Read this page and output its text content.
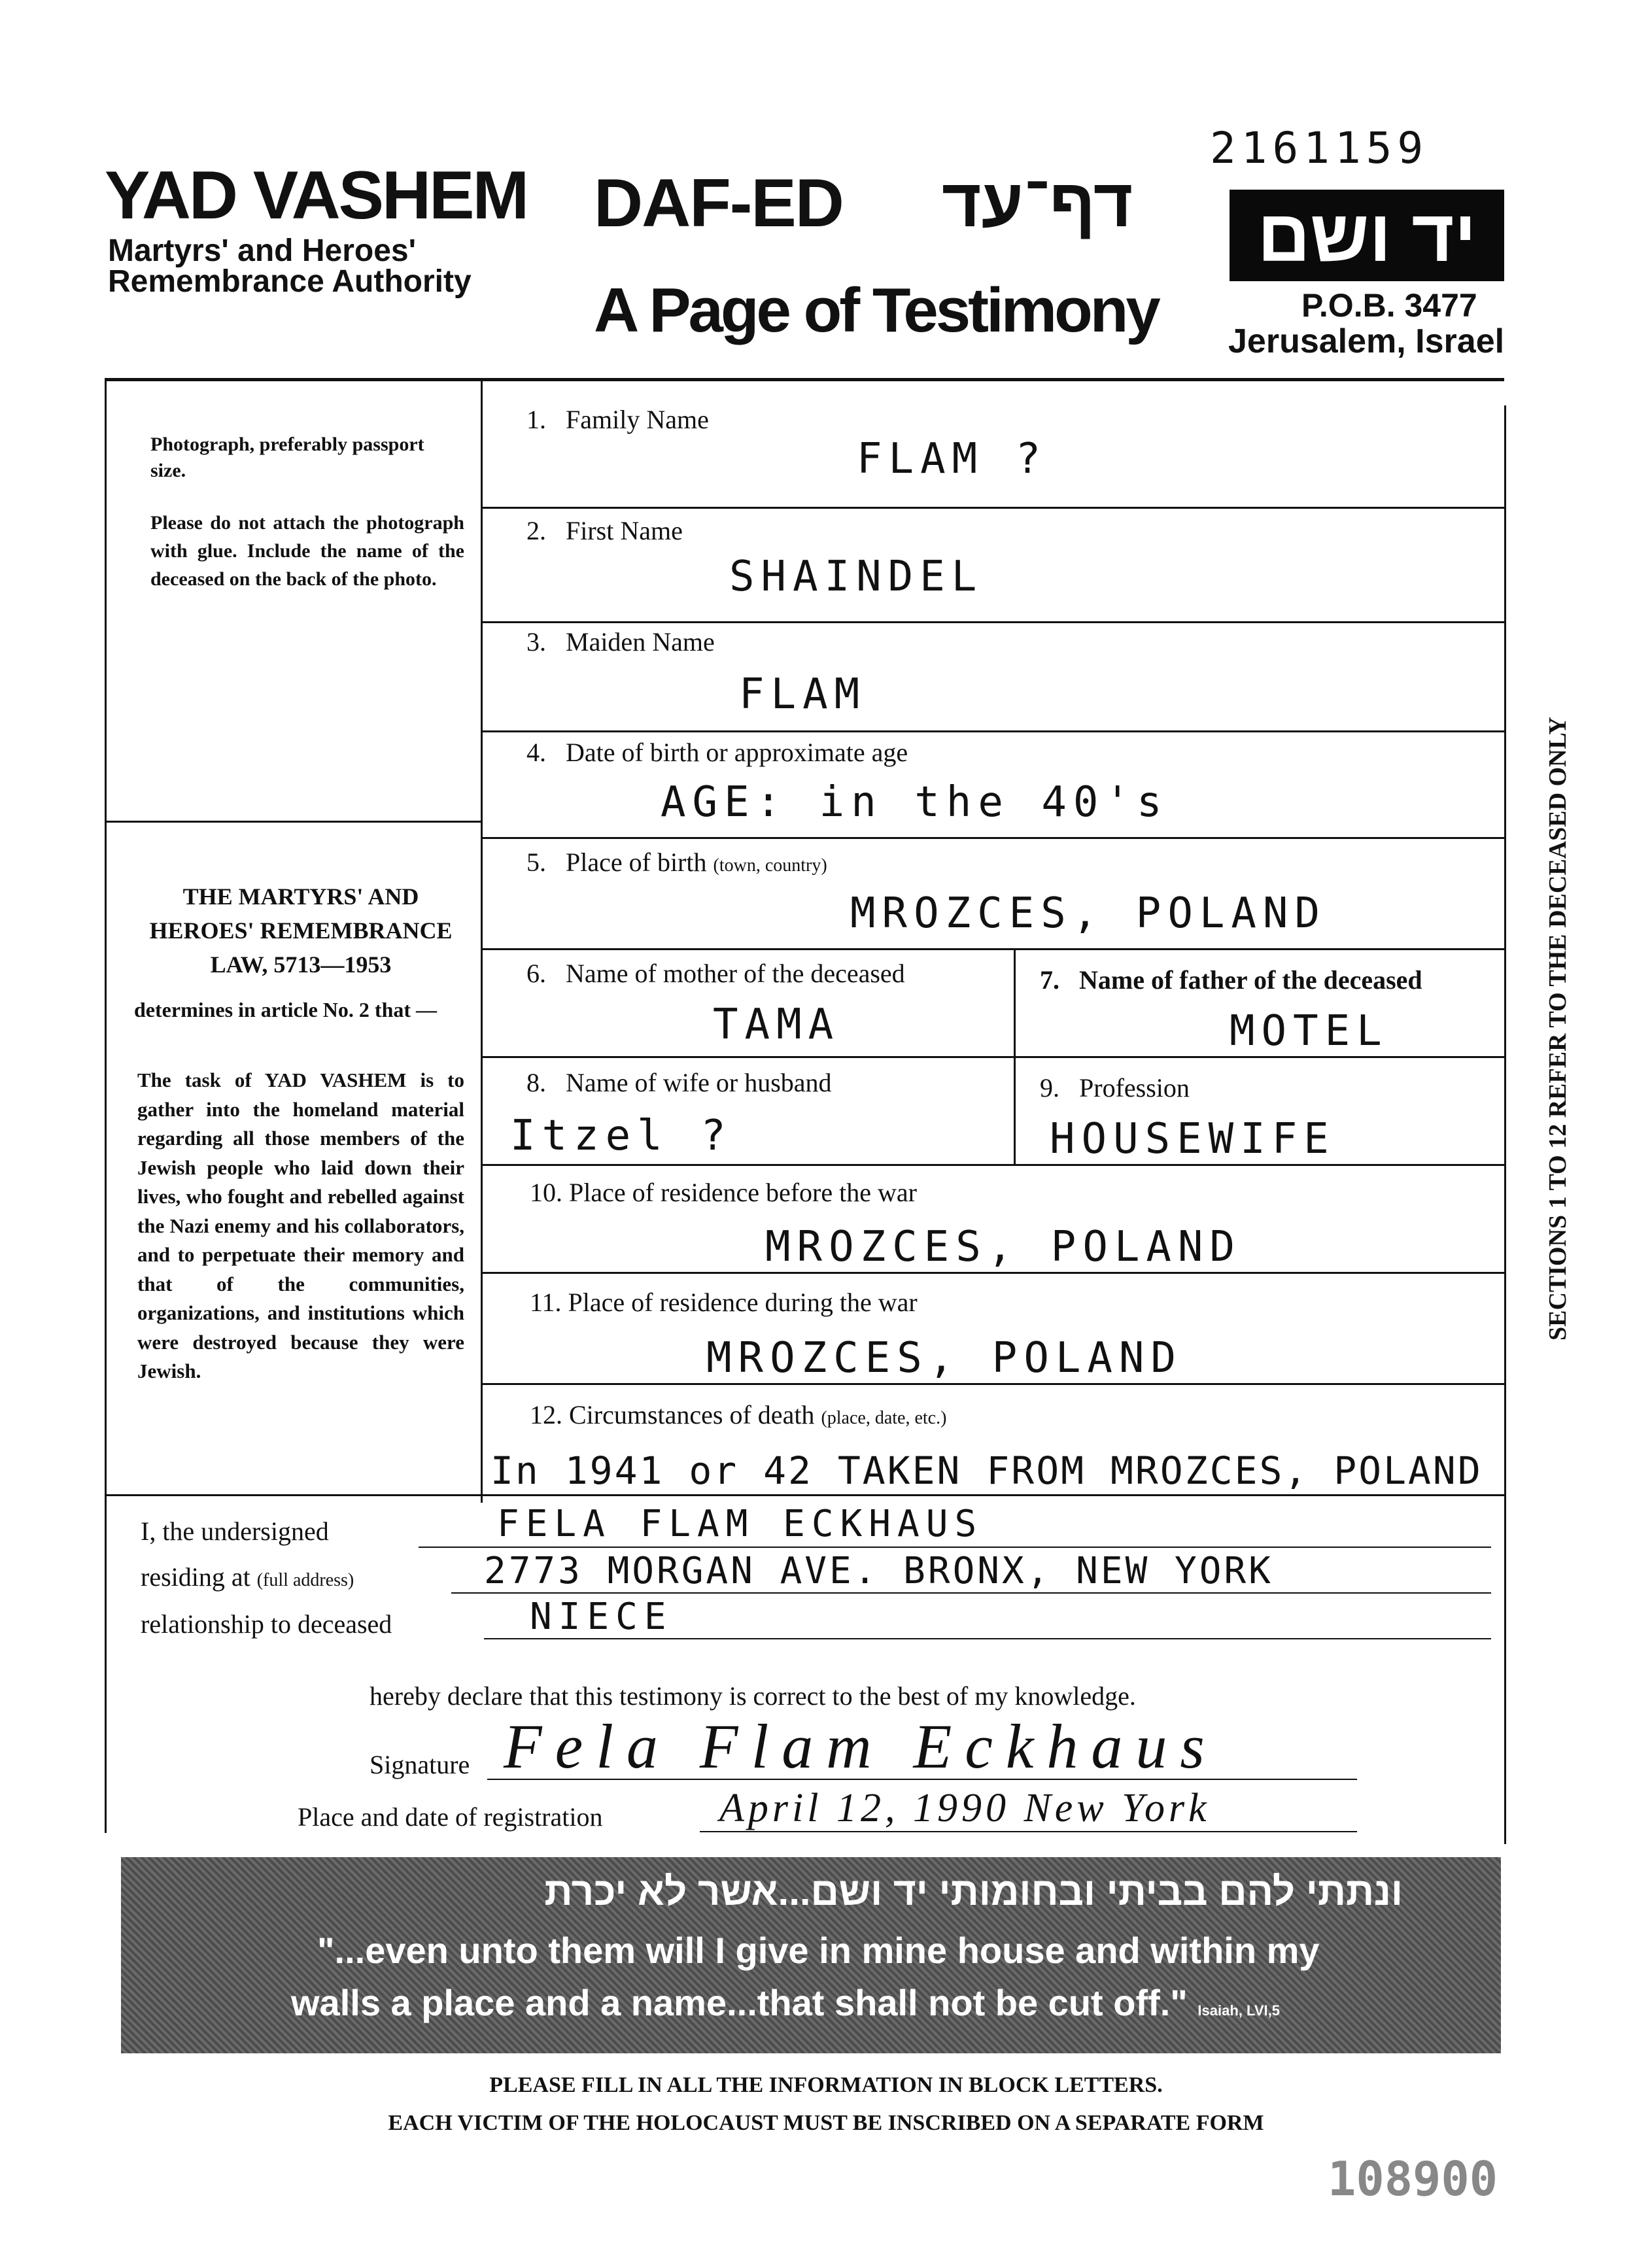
2161159
YAD VASHEM
Martyrs' and Heroes' Remembrance Authority
DAF-ED דף־עד
A Page of Testimony
יד ושם
P.O.B. 3477
Jerusalem, Israel
Photograph, preferably passport size.
Please do not attach the photograph with glue. Include the name of the deceased on the back of the photo.
THE MARTYRS' AND HEROES' REMEMBRANCE LAW, 5713—1953
determines in article No. 2 that —
The task of YAD VASHEM is to gather into the homeland material regarding all those members of the Jewish people who laid down their lives, who fought and rebelled against the Nazi enemy and his collaborators, and to perpetuate their memory and that of the communities, organizations, and institutions which were destroyed because they were Jewish.
1. Family Name
FLAM ?
2. First Name
SHAINDEL
3. Maiden Name
FLAM
4. Date of birth or approximate age
AGE: in the 40's
5. Place of birth (town, country)
MROZCES, POLAND
6. Name of mother of the deceased
TAMA
7. Name of father of the deceased
MOTEL
8. Name of wife or husband
Itzel ?
9. Profession
HOUSEWIFE
10. Place of residence before the war
MROZCES, POLAND
11. Place of residence during the war
MROZCES, POLAND
12. Circumstances of death (place, date, etc.)
In 1941 or 42 TAKEN FROM MROZCES, POLAND
I, the undersigned	FELA FLAM ECKHAUS
residing at (full address)	2773 MORGAN AVE. BRONX, NEW YORK
relationship to deceased	NIECE
hereby declare that this testimony is correct to the best of my knowledge.
Signature Fela Flam Eckhaus
Place and date of registration	April 12, 1990 New York
ונתתי להם בביתי ובחומותי יד ושם...אשר לא יכרת
"...even unto them will I give in mine house and within my
walls a place and a name...that shall not be cut off." Isaiah, LVI,5
PLEASE FILL IN ALL THE INFORMATION IN BLOCK LETTERS.
EACH VICTIM OF THE HOLOCAUST MUST BE INSCRIBED ON A SEPARATE FORM
108900
SECTIONS 1 TO 12 REFER TO THE DECEASED ONLY
